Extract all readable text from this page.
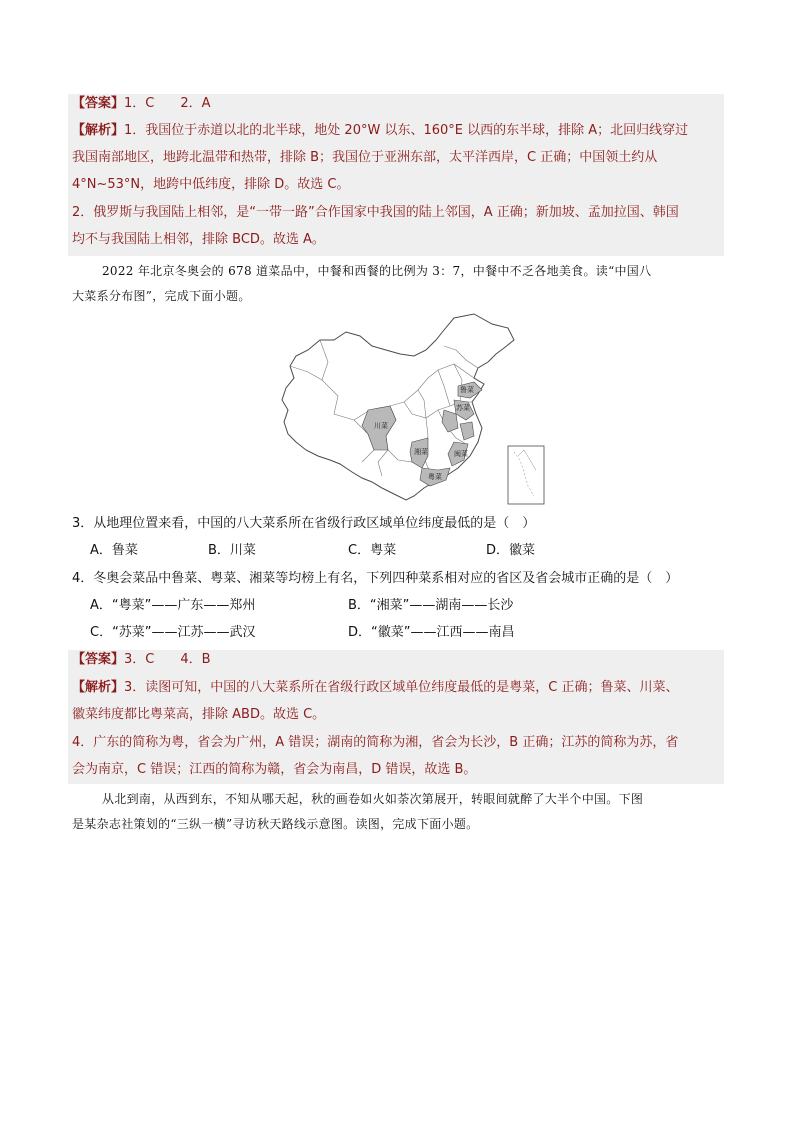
【答案】1．C　　2．A
【解析】1．我国位于赤道以北的北半球，地处 20°W 以东、160°E 以西的东半球，排除 A；北回归线穿过
我国南部地区，地跨北温带和热带，排除 B；我国位于亚洲东部，太平洋西岸，C 正确；中国领土约从
4°N~53°N，地跨中低纬度，排除 D。故选 C。
2．俄罗斯与我国陆上相邻，是“一带一路”合作国家中我国的陆上邻国，A 正确；新加坡、孟加拉国、韩国
均不与我国陆上相邻，排除 BCD。故选 A。
2022 年北京冬奥会的 678 道菜品中，中餐和西餐的比例为 3：7，中餐中不乏各地美食。读“中国八
大菜系分布图”，完成下面小题。
川菜
湘菜	闽菜
苏菜
鲁菜
粤菜
3．从地理位置来看，中国的八大菜系所在省级行政区域单位纬度最低的是（　）
A．鲁菜	B．川菜	C．粤菜	D．徽菜
4．冬奥会菜品中鲁菜、粤菜、湘菜等均榜上有名，下列四种菜系相对应的省区及省会城市正确的是（　）
A．“粤菜”——广东——郑州	B．“湘菜”——湖南——长沙
C．“苏菜”——江苏——武汉	D．“徽菜”——江西——南昌
【答案】3．C　　4．B
【解析】3．读图可知，中国的八大菜系所在省级行政区域单位纬度最低的是粤菜，C 正确；鲁菜、川菜、
徽菜纬度都比粤菜高，排除 ABD。故选 C。
4．广东的简称为粤，省会为广州，A 错误；湖南的简称为湘，省会为长沙，B 正确；江苏的简称为苏，省
会为南京，C 错误；江西的简称为赣，省会为南昌，D 错误，故选 B。
从北到南，从西到东，不知从哪天起，秋的画卷如火如荼次第展开，转眼间就醉了大半个中国。下图
是某杂志社策划的“三纵一横”寻访秋天路线示意图。读图，完成下面小题。
